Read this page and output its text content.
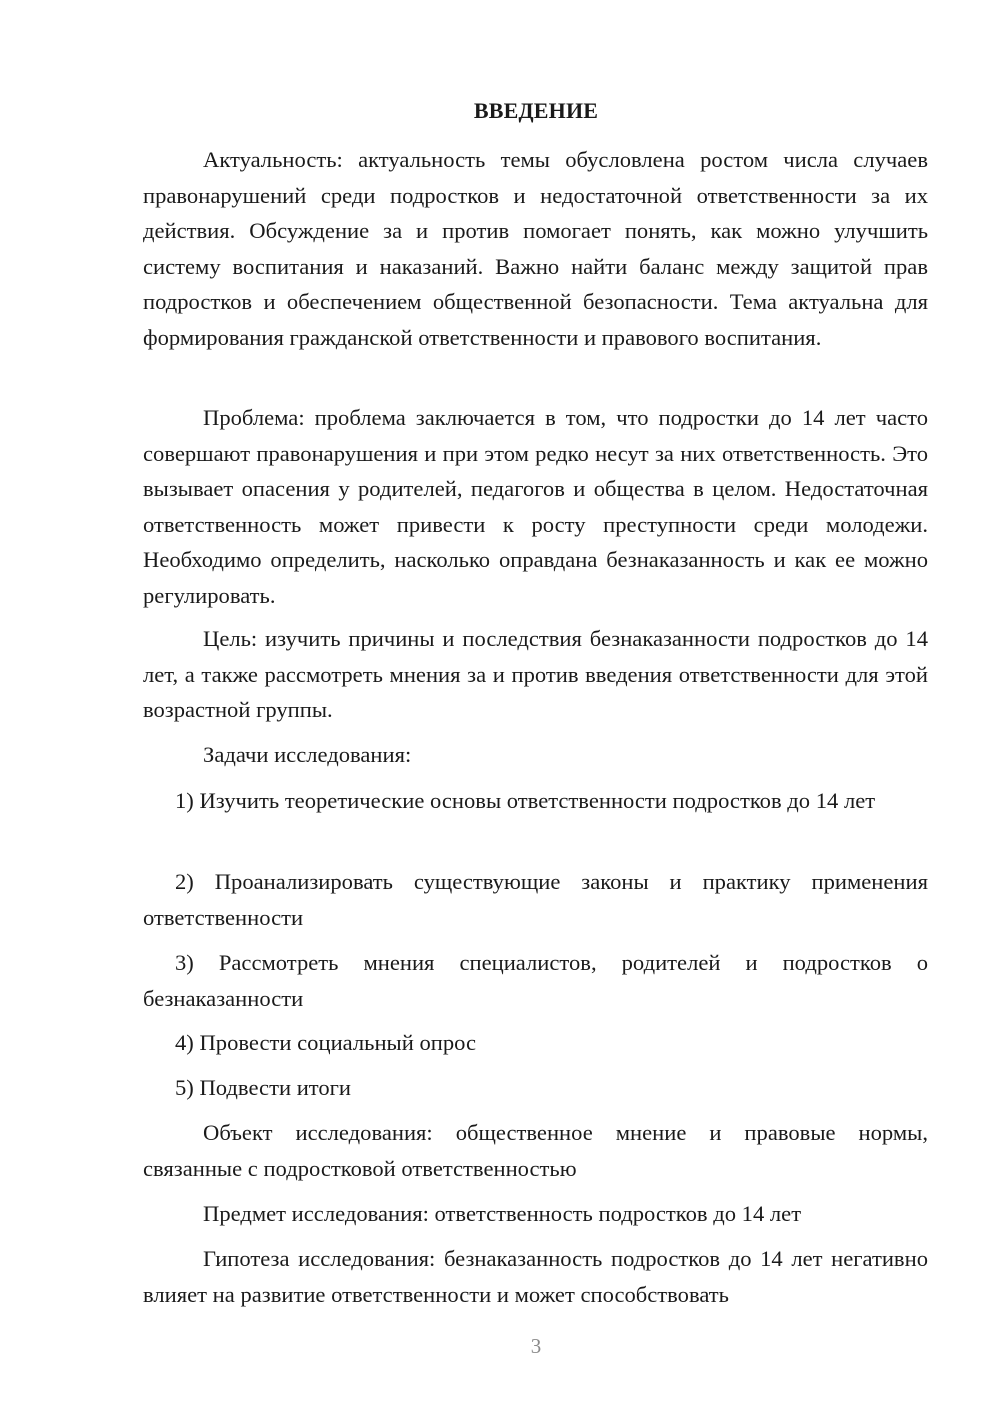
ВВЕДЕНИЕ

Актуальность: актуальность темы обусловлена ростом числа случаев правонарушений среди подростков и недостаточной ответственности за их действия. Обсуждение за и против помогает понять, как можно улучшить систему воспитания и наказаний. Важно найти баланс между защитой прав подростков и обеспечением общественной безопасности. Тема актуальна для формирования гражданской ответственности и правового воспитания.

Проблема: проблема заключается в том, что подростки до 14 лет часто совершают правонарушения и при этом редко несут за них ответственность. Это вызывает опасения у родителей, педагогов и общества в целом. Недостаточная ответственность может привести к росту преступности среди молодежи. Необходимо определить, насколько оправдана безнаказанность и как ее можно регулировать.

Цель: изучить причины и последствия безнаказанности подростков до 14 лет, а также рассмотреть мнения за и против введения ответственности для этой возрастной группы.

Задачи исследования:

1) Изучить теоретические основы ответственности подростков до 14 лет

2) Проанализировать существующие законы и практику применения ответственности

3) Рассмотреть мнения специалистов, родителей и подростков о безнаказанности

4) Провести социальный опрос

5) Подвести итоги

Объект исследования: общественное мнение и правовые нормы, связанные с подростковой ответственностью

Предмет исследования: ответственность подростков до 14 лет

Гипотеза исследования: безнаказанность подростков до 14 лет негативно влияет на развитие ответственности и может способствовать

3
